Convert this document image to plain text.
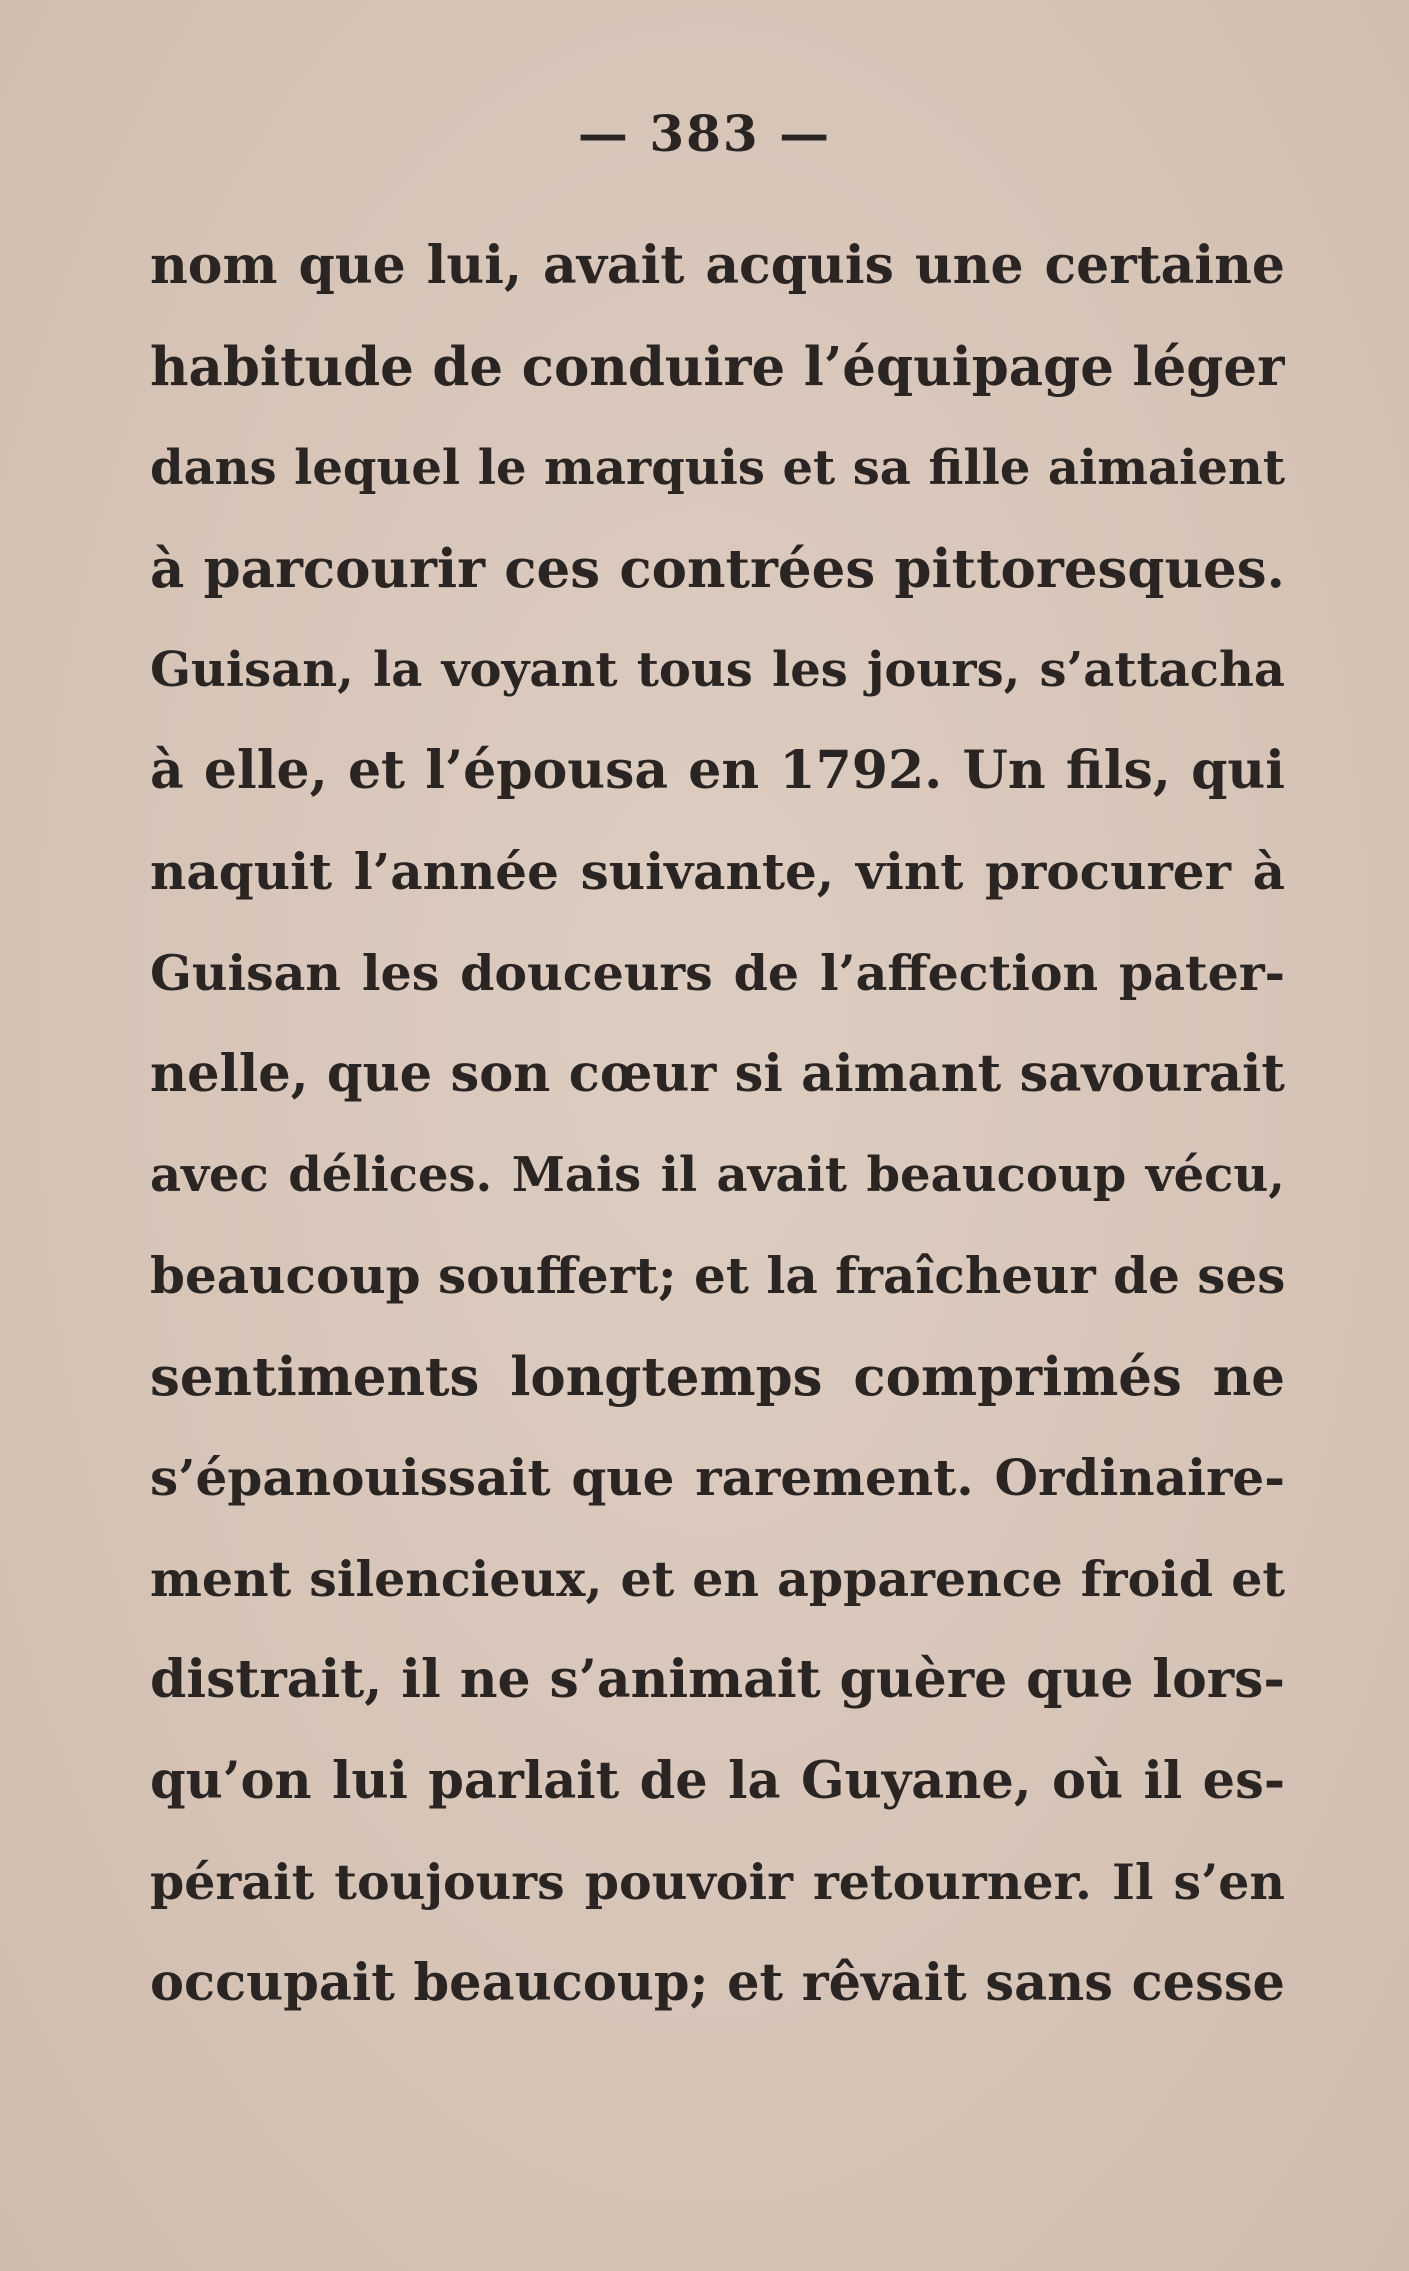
— 383 —
nom que lui, avait acquis une certaine
habitude de conduire l’équipage léger
dans lequel le marquis et sa fille aimaient
à parcourir ces contrées pittoresques.
Guisan, la voyant tous les jours, s’attacha
à elle, et l’épousa en 1792. Un fils, qui
naquit l’année suivante, vint procurer à
Guisan les douceurs de l’affection pater-
nelle, que son cœur si aimant savourait
avec délices. Mais il avait beaucoup vécu,
beaucoup souffert; et la fraîcheur de ses
sentiments longtemps comprimés ne
s’épanouissait que rarement. Ordinaire-
ment silencieux, et en apparence froid et
distrait, il ne s’animait guère que lors-
qu’on lui parlait de la Guyane, où il es-
pérait toujours pouvoir retourner. Il s’en
occupait beaucoup; et rêvait sans cesse
